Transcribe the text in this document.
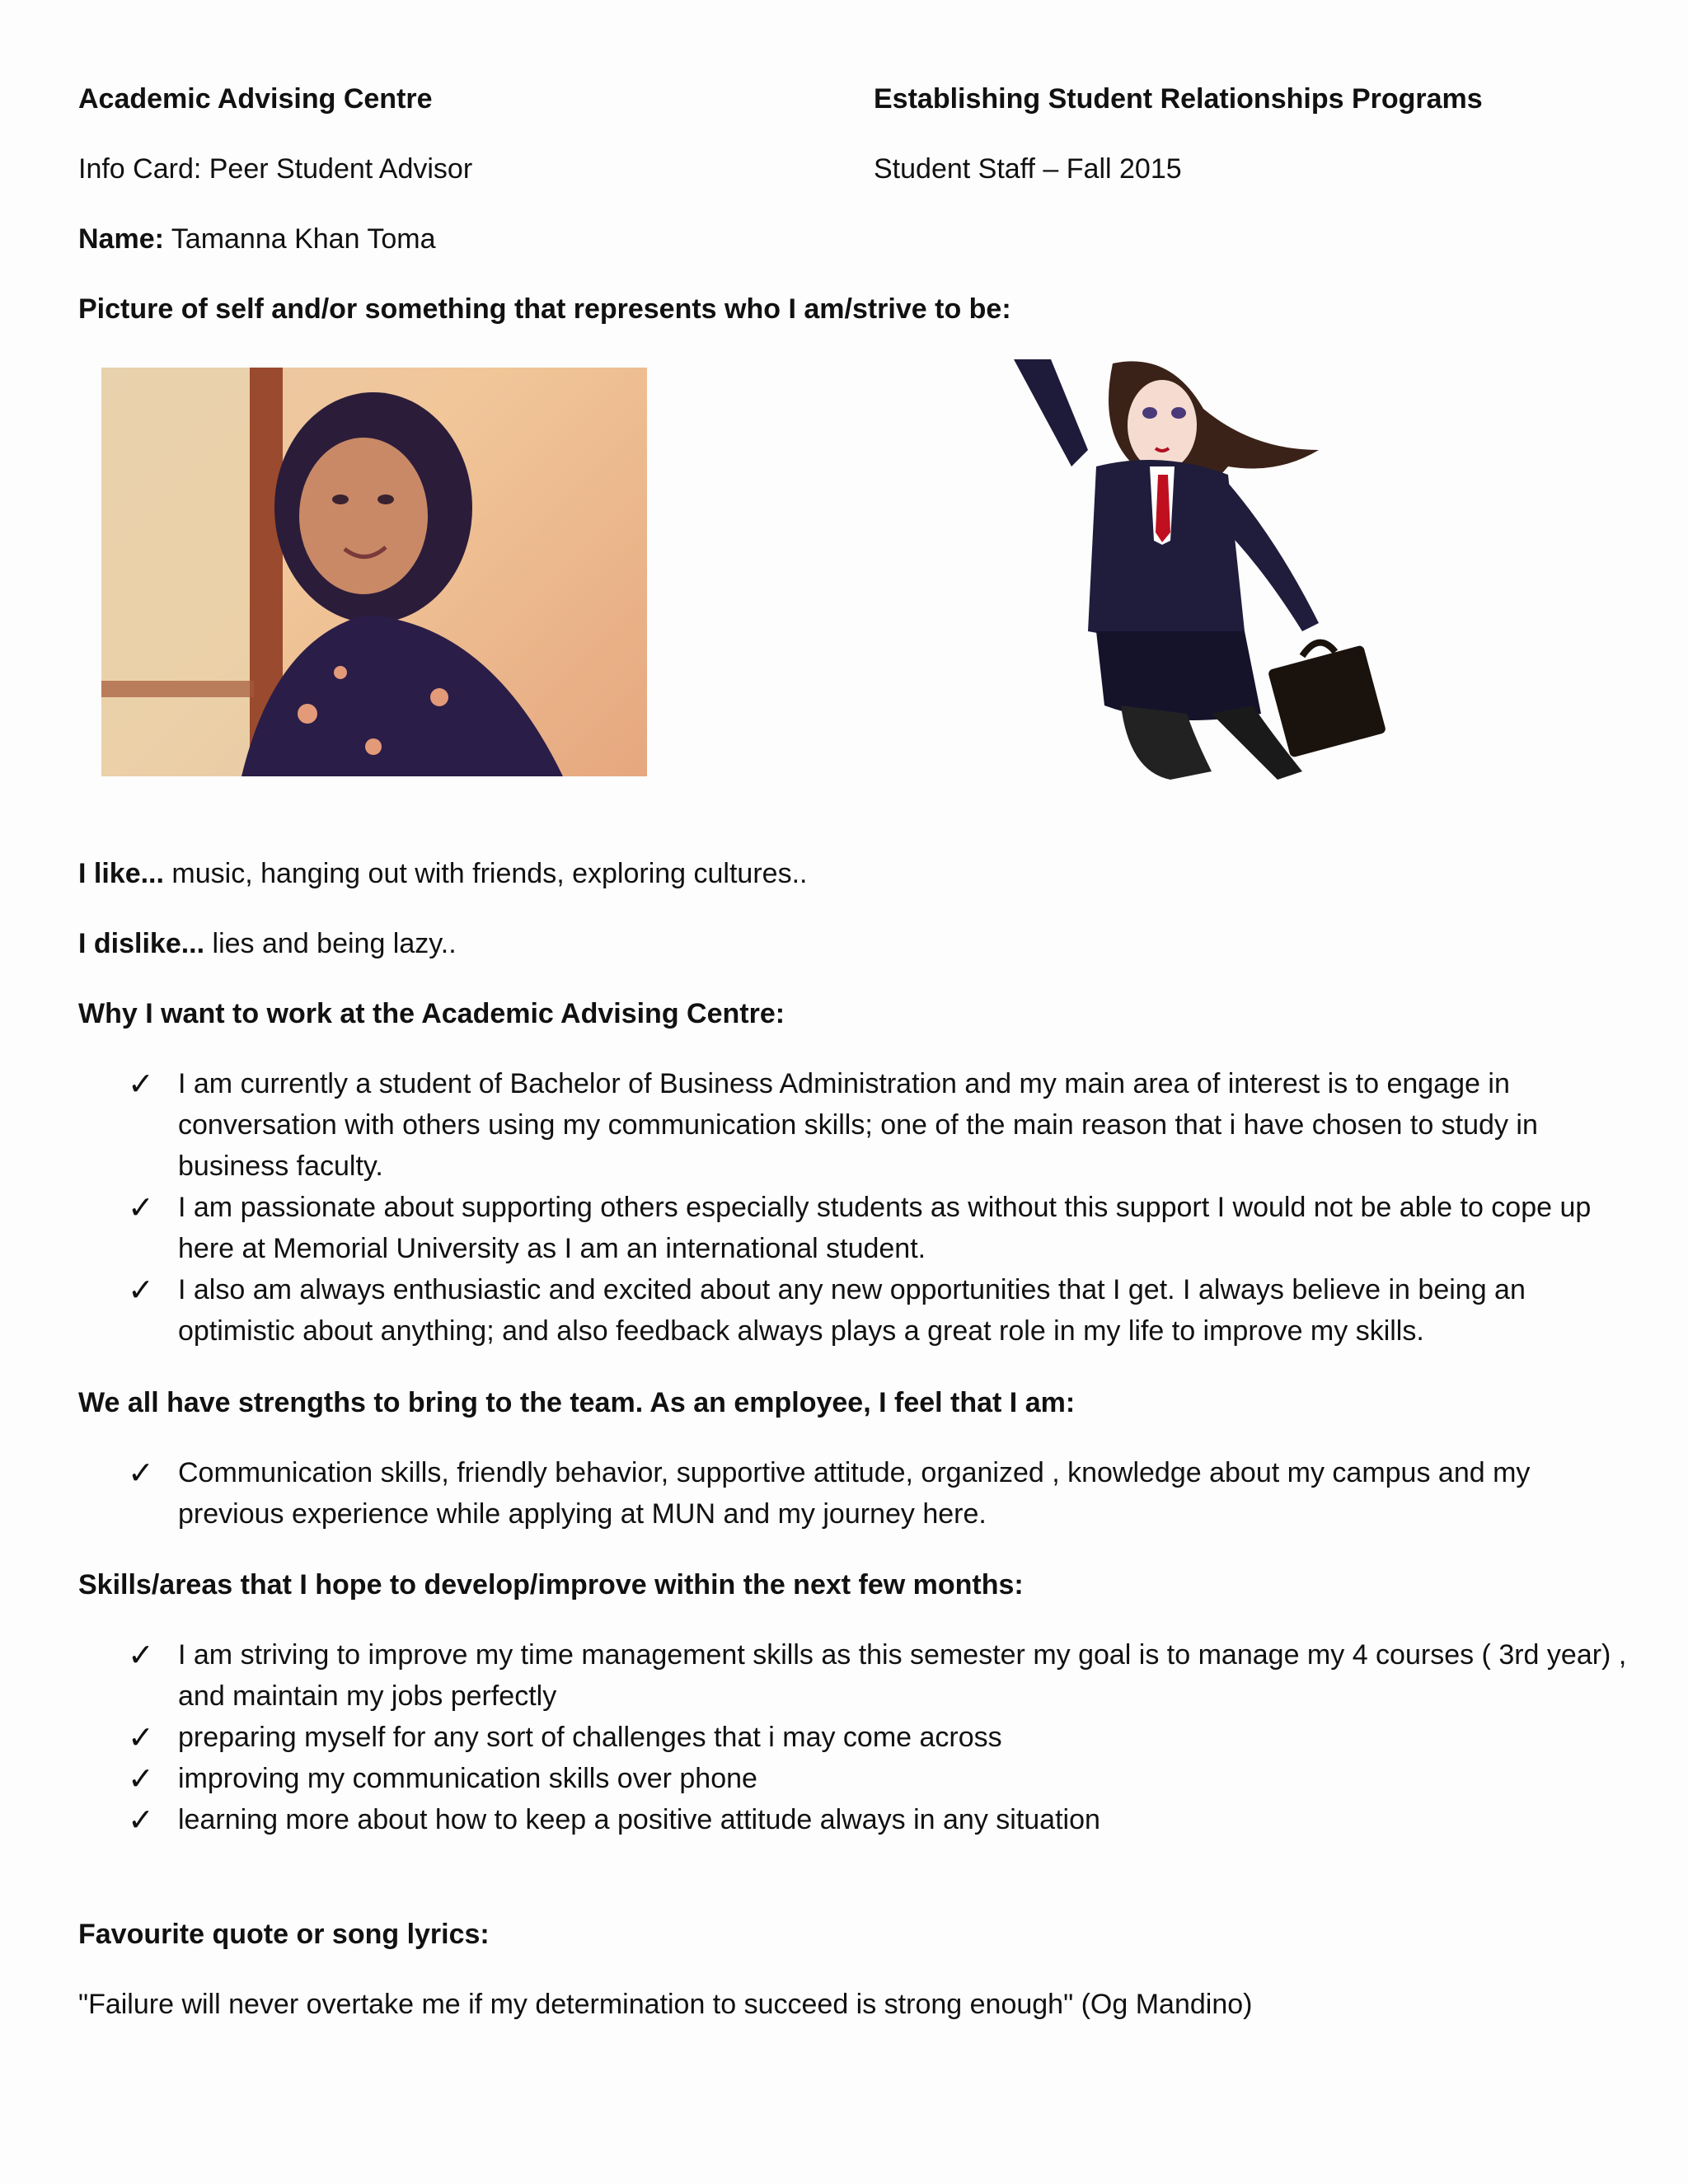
Academic Advising Centre	Establishing Student Relationships Programs
Info Card: Peer Student Advisor	Student Staff – Fall 2015
Name: Tamanna Khan Toma
Picture of self and/or something that represents who I am/strive to be:
I like... music, hanging out with friends, exploring cultures..
I dislike... lies and being lazy..
Why I want to work at the Academic Advising Centre:
✓ I am currently a student of Bachelor of Business Administration and my main area of interest is to engage in conversation with others using my communication skills; one of the main reason that i have chosen to study in business faculty.
✓ I am passionate about supporting others especially students as without this support I would not be able to cope up here at Memorial University as I am an international student.
✓ I also am always enthusiastic and excited about any new opportunities that I get. I always believe in being an optimistic about anything; and also feedback always plays a great role in my life to improve my skills.
We all have strengths to bring to the team. As an employee, I feel that I am:
✓ Communication skills, friendly behavior, supportive attitude, organized , knowledge about my campus and my previous experience while applying at MUN and my journey here.
Skills/areas that I hope to develop/improve within the next few months:
✓ I am striving to improve my time management skills as this semester my goal is to manage my 4 courses ( 3rd year) , and maintain my jobs perfectly
✓ preparing myself for any sort of challenges that i may come across
✓ improving my communication skills over phone
✓ learning more about how to keep a positive attitude always in any situation
Favourite quote or song lyrics:
"Failure will never overtake me if my determination to succeed is strong enough" (Og Mandino)
